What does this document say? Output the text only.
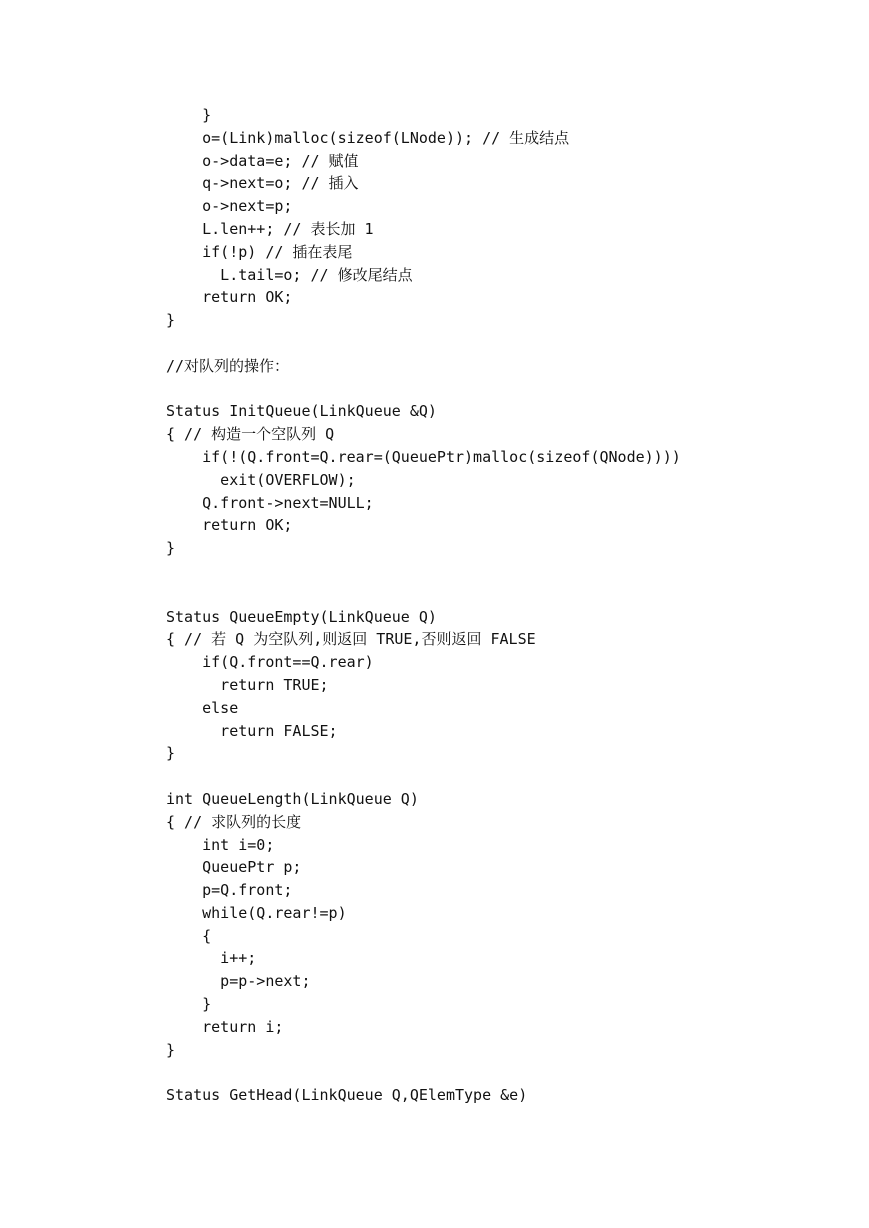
}
o=(Link)malloc(sizeof(LNode)); // 生成结点
o->data=e; // 赋值
q->next=o; // 插入
o->next=p;
L.len++; // 表长加 1
if(!p) // 插在表尾
L.tail=o; // 修改尾结点
return OK;
}
//对队列的操作：
Status InitQueue(LinkQueue &Q)
{ // 构造一个空队列 Q
if(!(Q.front=Q.rear=(QueuePtr)malloc(sizeof(QNode))))
exit(OVERFLOW);
Q.front->next=NULL;
return OK;
}
Status QueueEmpty(LinkQueue Q)
{ // 若 Q 为空队列,则返回 TRUE,否则返回 FALSE
if(Q.front==Q.rear)
return TRUE;
else
return FALSE;
}
int QueueLength(LinkQueue Q)
{ // 求队列的长度
int i=0;
QueuePtr p;
p=Q.front;
while(Q.rear!=p)
{
i++;
p=p->next;
}
return i;
}
Status GetHead(LinkQueue Q,QElemType &e)
